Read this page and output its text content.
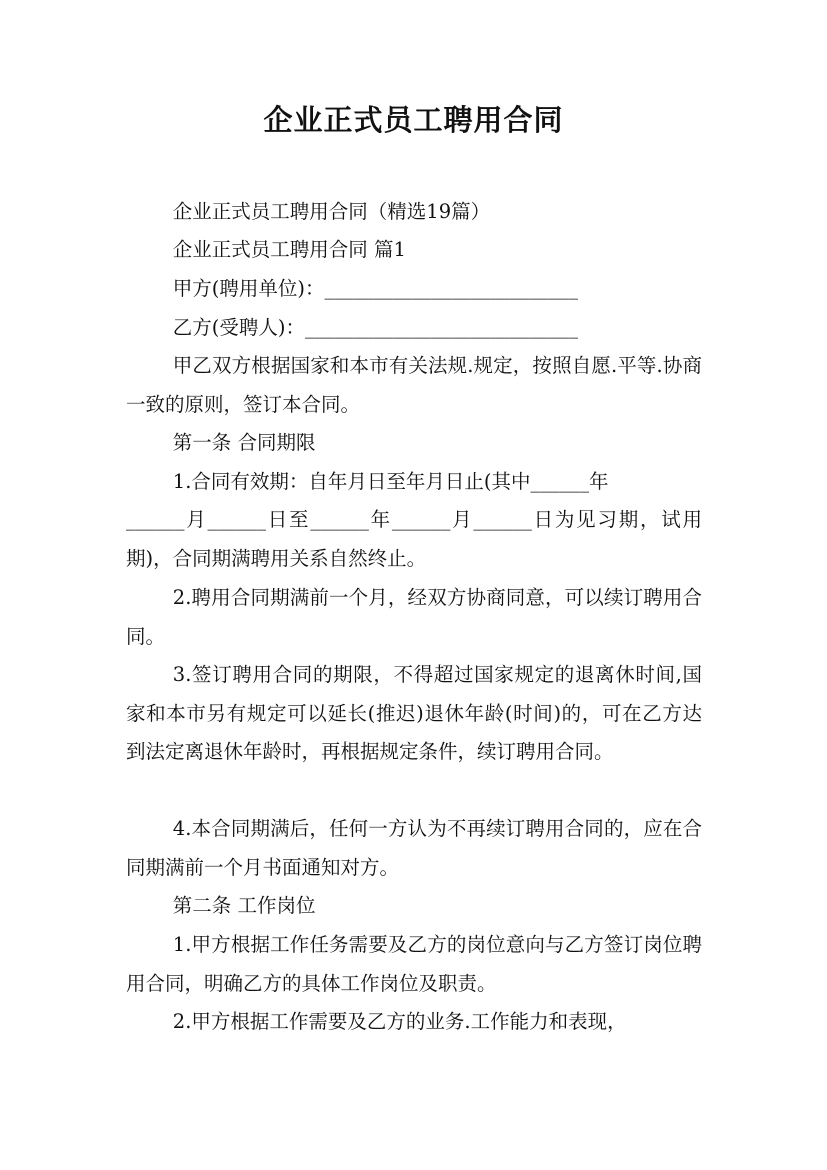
企业正式员工聘用合同

企业正式员工聘用合同（精选19篇）

企业正式员工聘用合同 篇1

甲方(聘用单位)：__________________________

乙方(受聘人)：____________________________

甲乙双方根据国家和本市有关法规.规定，按照自愿.平等.协商一致的原则，签订本合同。

第一条 合同期限

1.合同有效期：自年月日至年月日止(其中______年

______月______日至______年______月______日为见习期，试用期)，合同期满聘用关系自然终止。

2.聘用合同期满前一个月，经双方协商同意，可以续订聘用合同。

3.签订聘用合同的期限，不得超过国家规定的退离休时间,国家和本市另有规定可以延长(推迟)退休年龄(时间)的，可在乙方达到法定离退休年龄时，再根据规定条件，续订聘用合同。

4.本合同期满后，任何一方认为不再续订聘用合同的，应在合同期满前一个月书面通知对方。

第二条 工作岗位

1.甲方根据工作任务需要及乙方的岗位意向与乙方签订岗位聘用合同，明确乙方的具体工作岗位及职责。

2.甲方根据工作需要及乙方的业务.工作能力和表现，
